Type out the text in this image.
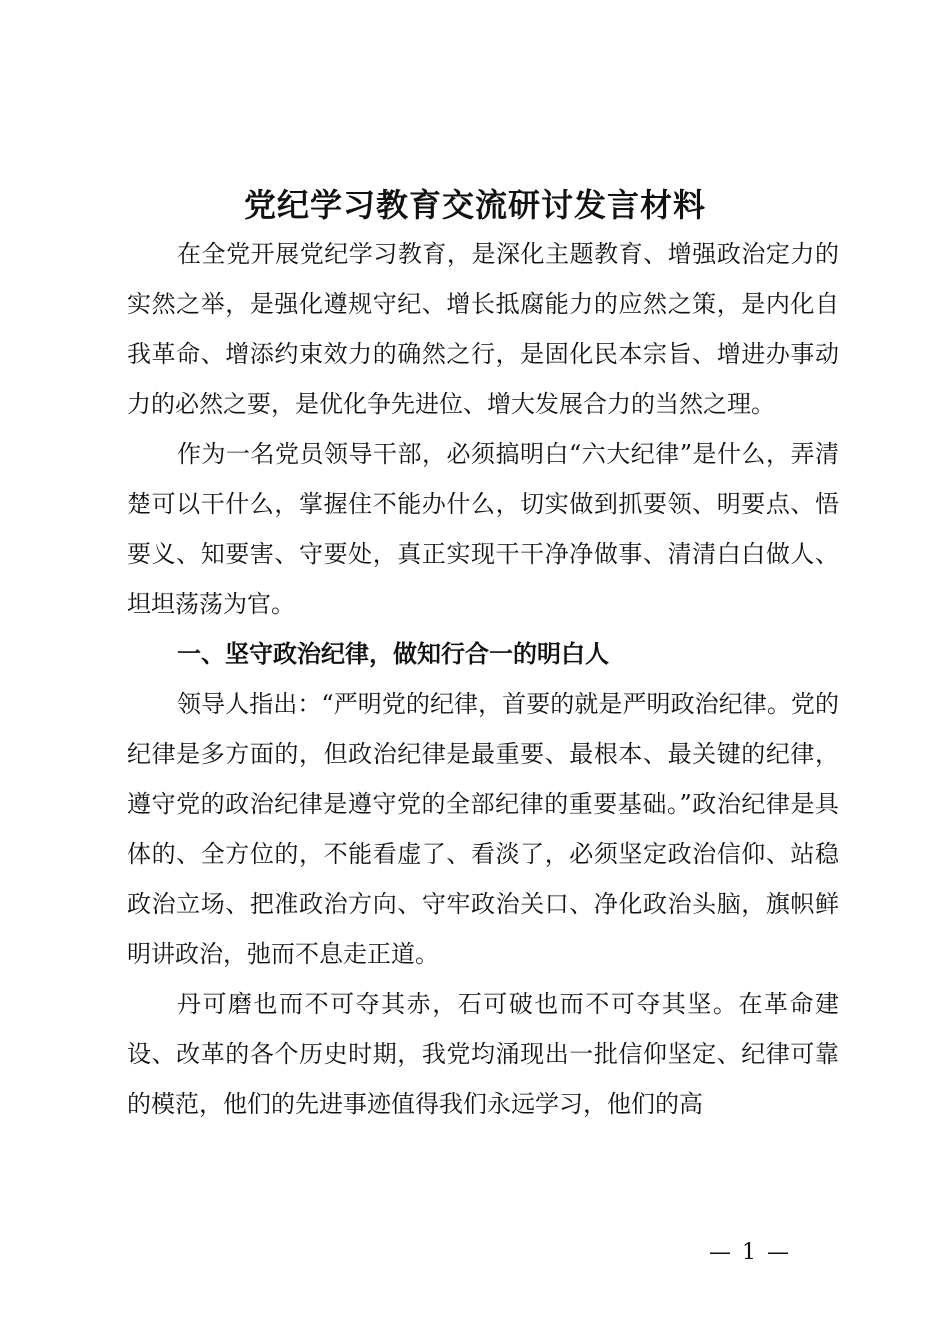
党纪学习教育交流研讨发言材料

在全党开展党纪学习教育，是深化主题教育、增强政治定力的实然之举，是强化遵规守纪、增长抵腐能力的应然之策，是内化自我革命、增添约束效力的确然之行，是固化民本宗旨、增进办事动力的必然之要，是优化争先进位、增大发展合力的当然之理。

作为一名党员领导干部，必须搞明白“六大纪律”是什么，弄清楚可以干什么，掌握住不能办什么，切实做到抓要领、明要点、悟要义、知要害、守要处，真正实现干干净净做事、清清白白做人、坦坦荡荡为官。

一、坚守政治纪律，做知行合一的明白人

领导人指出：“严明党的纪律，首要的就是严明政治纪律。党的纪律是多方面的，但政治纪律是最重要、最根本、最关键的纪律，遵守党的政治纪律是遵守党的全部纪律的重要基础。”政治纪律是具体的、全方位的，不能看虚了、看淡了，必须坚定政治信仰、站稳政治立场、把准政治方向、守牢政治关口、净化政治头脑，旗帜鲜明讲政治，弛而不息走正道。

丹可磨也而不可夺其赤，石可破也而不可夺其坚。在革命建设、改革的各个历史时期，我党均涌现出一批信仰坚定、纪律可靠的模范，他们的先进事迹值得我们永远学习，他们的高

— 1 —
